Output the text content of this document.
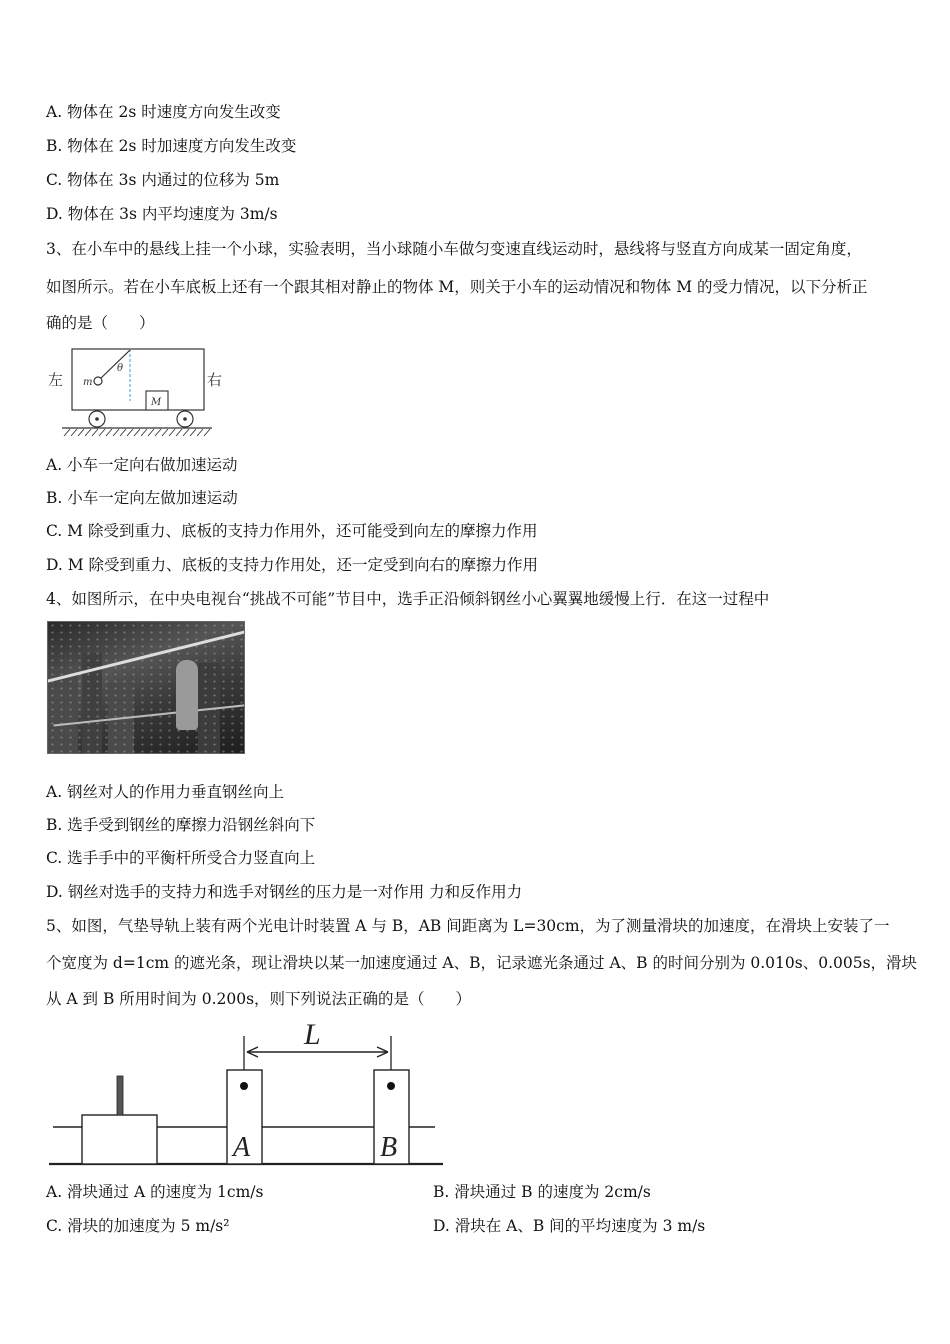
A. 物体在 2s 时速度方向发生改变
B. 物体在 2s 时加速度方向发生改变
C. 物体在 3s 内通过的位移为 5m
D. 物体在 3s 内平均速度为 3m/s
3、在小车中的悬线上挂一个小球，实验表明，当小球随小车做匀变速直线运动时，悬线将与竖直方向成某一固定角度，
如图所示。若在小车底板上还有一个跟其相对静止的物体 M，则关于小车的运动情况和物体 M 的受力情况，以下分析正
确的是（　　）
左	右
m
θ
M
A. 小车一定向右做加速运动
B. 小车一定向左做加速运动
C. M 除受到重力、底板的支持力作用外，还可能受到向左的摩擦力作用
D. M 除受到重力、底板的支持力作用处，还一定受到向右的摩擦力作用
4、如图所示，在中央电视台“挑战不可能”节目中，选手正沿倾斜钢丝小心翼翼地缓慢上行．在这一过程中
A. 钢丝对人的作用力垂直钢丝向上
B. 选手受到钢丝的摩擦力沿钢丝斜向下
C. 选手手中的平衡杆所受合力竖直向上
D. 钢丝对选手的支持力和选手对钢丝的压力是一对作用 力和反作用力
5、如图，气垫导轨上装有两个光电计时装置 A 与 B，AB 间距离为 L=30cm，为了测量滑块的加速度，在滑块上安装了一
个宽度为 d=1cm 的遮光条，现让滑块以某一加速度通过 A、B，记录遮光条通过 A、B 的时间分别为 0.010s、0.005s，滑块
从 A 到 B 所用时间为 0.200s，则下列说法正确的是（　　）
L
A	B
A. 滑块通过 A 的速度为 1cm/s	B. 滑块通过 B 的速度为 2cm/s
C. 滑块的加速度为 5 m/s²	D. 滑块在 A、B 间的平均速度为 3 m/s
